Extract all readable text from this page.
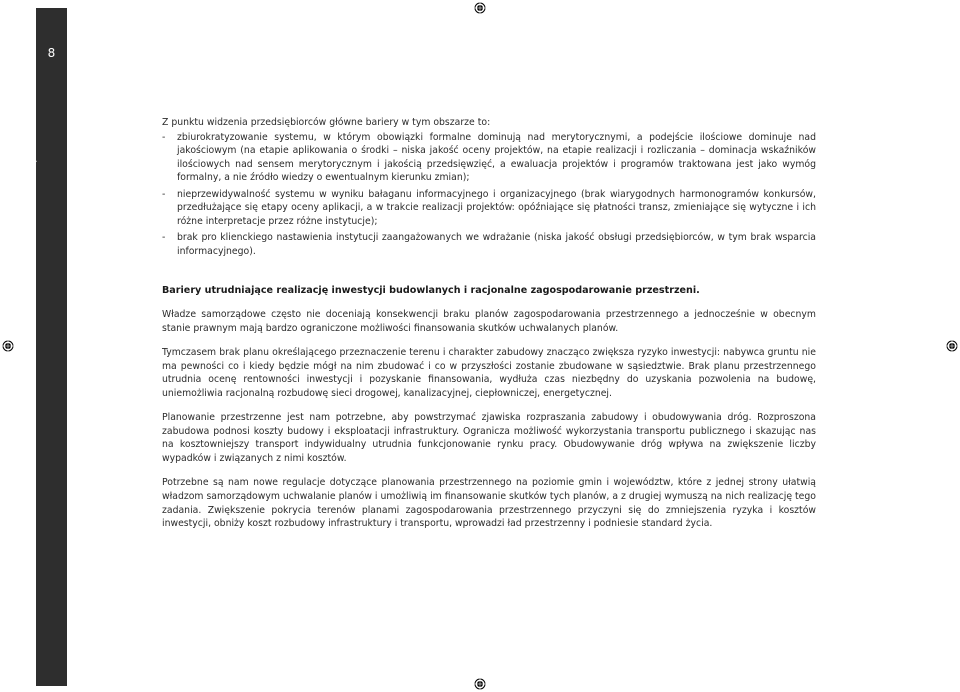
8
CZARNA LISTA BARIER | Konfederacja Lewiatan	Z punktu widzenia przedsiębiorców główne bariery w tym obszarze to:

- zbiurokratyzowanie systemu, w którym obowiązki formalne dominują nad merytorycznymi, a podejście ilościowe dominuje nad jakościowym (na etapie aplikowania o środki – niska jakość oceny projektów, na etapie realizacji i rozliczania – dominacja wskaźników ilościowych nad sensem merytorycznym i jakością przedsięwzięć, a ewaluacja projektów i programów traktowana jest jako wymóg formalny, a nie źródło wiedzy o ewentualnym kierunku zmian);
- nieprzewidywalność systemu w wyniku bałaganu informacyjnego i organizacyjnego (brak wiarygodnych harmonogramów konkursów, przedłużające się etapy oceny aplikacji, a w trakcie realizacji projektów: opóźniające się płatności transz, zmieniające się wytyczne i ich różne interpretacje przez różne instytucje);
- brak pro klienckiego nastawienia instytucji zaangażowanych we wdrażanie (niska jakość obsługi przedsiębiorców, w tym brak wsparcia informacyjnego).

Bariery utrudniające realizację inwestycji budowlanych i racjonalne zagospodarowanie przestrzeni.

Władze samorządowe często nie doceniają konsekwencji braku planów zagospodarowania przestrzennego a jednocześnie w obecnym stanie prawnym mają bardzo ograniczone możliwości finansowania skutków uchwalanych planów.

Tymczasem brak planu określającego przeznaczenie terenu i charakter zabudowy znacząco zwiększa ryzyko inwestycji: nabywca gruntu nie ma pewności co i kiedy będzie mógł na nim zbudować i co w przyszłości zostanie zbudowane w sąsiedztwie. Brak planu przestrzennego utrudnia ocenę rentowności inwestycji i pozyskanie finansowania, wydłuża czas niezbędny do uzyskania pozwolenia na budowę, uniemożliwia racjonalną rozbudowę sieci drogowej, kanalizacyjnej, ciepłowniczej, energetycznej.

Planowanie przestrzenne jest nam potrzebne, aby powstrzymać zjawiska rozpraszania zabudowy i obudowywania dróg. Rozproszona zabudowa podnosi koszty budowy i eksploatacji infrastruktury. Ogranicza możliwość wykorzystania transportu publicznego i skazując nas na kosztowniejszy transport indywidualny utrudnia funkcjonowanie rynku pracy. Obudowywanie dróg wpływa na zwiększenie liczby wypadków i związanych z nimi kosztów.

Potrzebne są nam nowe regulacje dotyczące planowania przestrzennego na poziomie gmin i województw, które z jednej strony ułatwią władzom samorządowym uchwalanie planów i umożliwią im finansowanie skutków tych planów, a z drugiej wymuszą na nich realizację tego zadania. Zwiększenie pokrycia terenów planami zagospodarowania przestrzennego przyczyni się do zmniejszenia ryzyka i kosztów inwestycji, obniży koszt rozbudowy infrastruktury i transportu, wprowadzi ład przestrzenny i podniesie standard życia.
